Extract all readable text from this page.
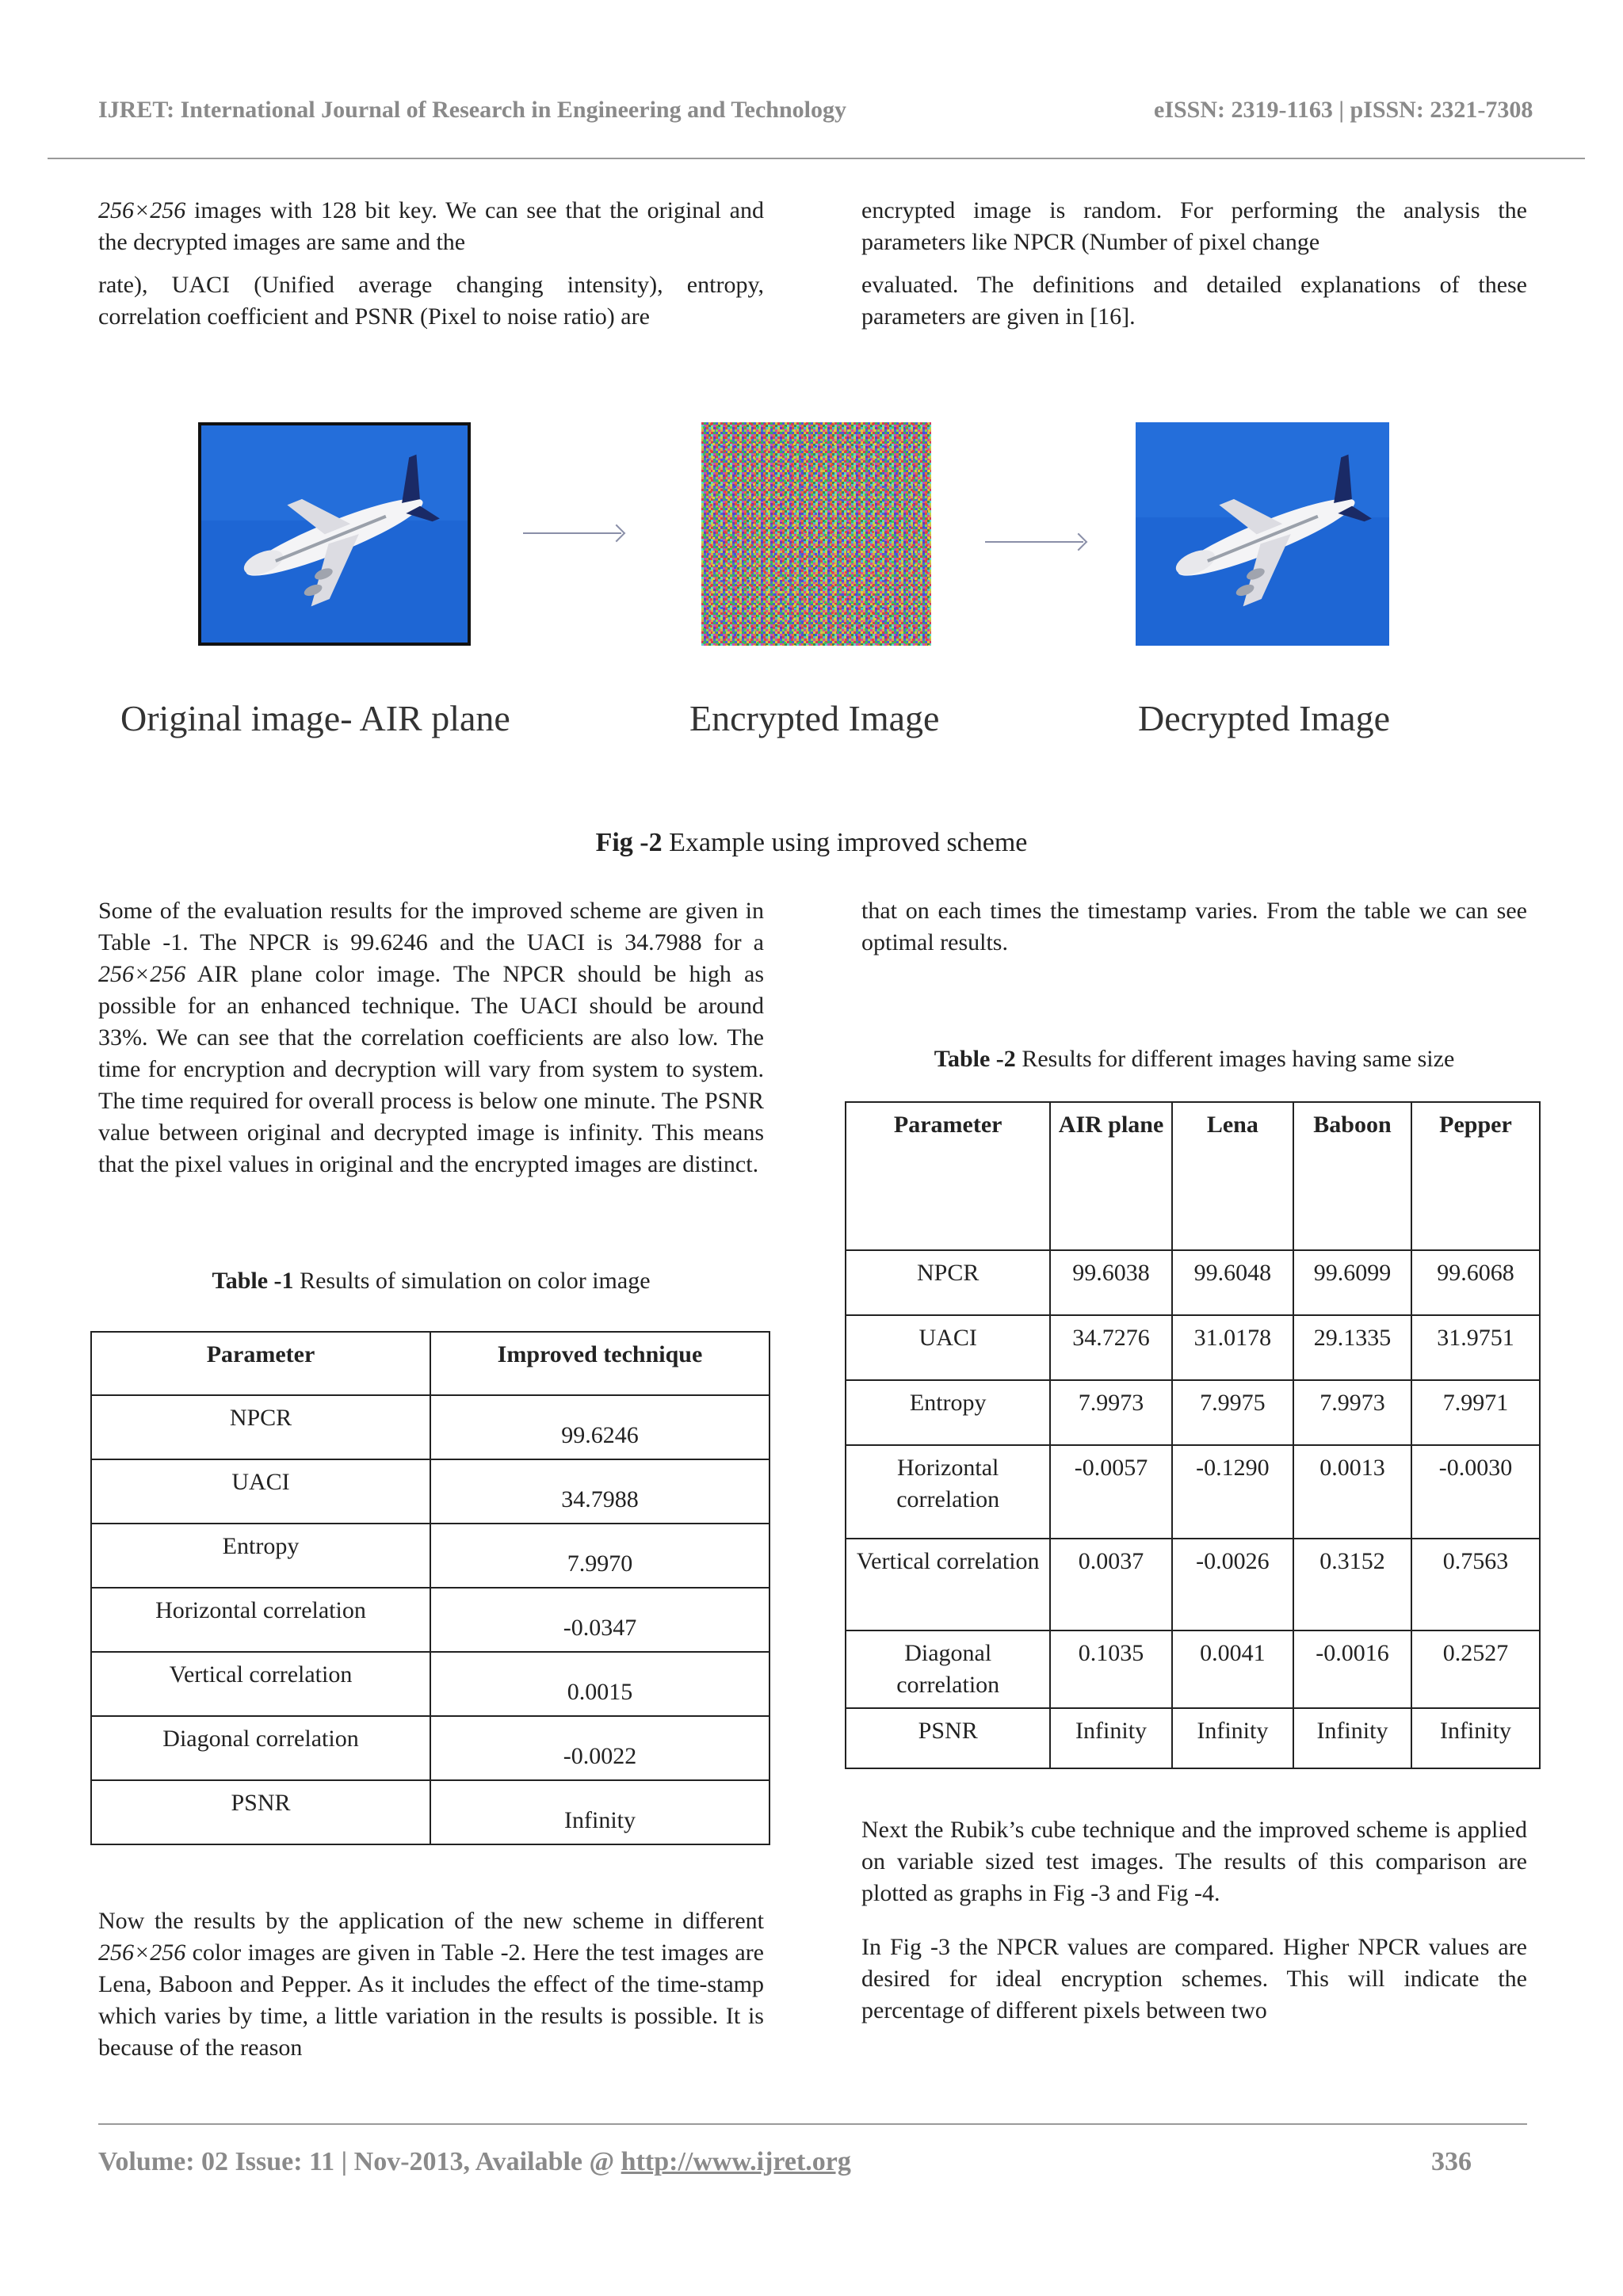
IJRET: International Journal of Research in Engineering and Technology	eISSN: 2319-1163 | pISSN: 2321-7308

256×256 images with 128 bit key. We can see that the original and the decrypted images are same and the

rate), UACI (Unified average changing intensity), entropy, correlation coefficient and PSNR (Pixel to noise ratio) are

encrypted image is random. For performing the analysis the parameters like NPCR (Number of pixel change

evaluated. The definitions and detailed explanations of these parameters are given in [16].

Original image- AIR plane	Encrypted Image	Decrypted Image
Fig -2 Example using improved scheme

Some of the evaluation results for the improved scheme are given in Table -1. The NPCR is 99.6246 and the UACI is 34.7988 for a 256×256 AIR plane color image. The NPCR should be high as possible for an enhanced technique. The UACI should be around 33%. We can see that the correlation coefficients are also low. The time for encryption and decryption will vary from system to system. The time required for overall process is below one minute. The PSNR value between original and decrypted image is infinity. This means that the pixel values in original and the encrypted images are distinct.

Table -1 Results of simulation on color image
Parameter	Improved technique
NPCR	99.6246
UACI	34.7988
Entropy	7.9970
Horizontal correlation	-0.0347
Vertical correlation	0.0015
Diagonal correlation	-0.0022
PSNR	Infinity

Now the results by the application of the new scheme in different 256×256 color images are given in Table -2. Here the test images are Lena, Baboon and Pepper. As it includes the effect of the time-stamp which varies by time, a little variation in the results is possible. It is because of the reason

that on each times the timestamp varies. From the table we can see optimal results.

Table -2 Results for different images having same size
Parameter	AIR plane	Lena	Baboon	Pepper
NPCR	99.6038	99.6048	99.6099	99.6068
UACI	34.7276	31.0178	29.1335	31.9751
Entropy	7.9973	7.9975	7.9973	7.9971
Horizontal correlation	-0.0057	-0.1290	0.0013	-0.0030
Vertical correlation	0.0037	-0.0026	0.3152	0.7563
Diagonal correlation	0.1035	0.0041	-0.0016	0.2527
PSNR	Infinity	Infinity	Infinity	Infinity

Next the Rubik’s cube technique and the improved scheme is applied on variable sized test images. The results of this comparison are plotted as graphs in Fig -3 and Fig -4.

In Fig -3 the NPCR values are compared. Higher NPCR values are desired for ideal encryption schemes. This will indicate the percentage of different pixels between two

Volume: 02 Issue: 11 | Nov-2013, Available @ http://www.ijret.org	336
